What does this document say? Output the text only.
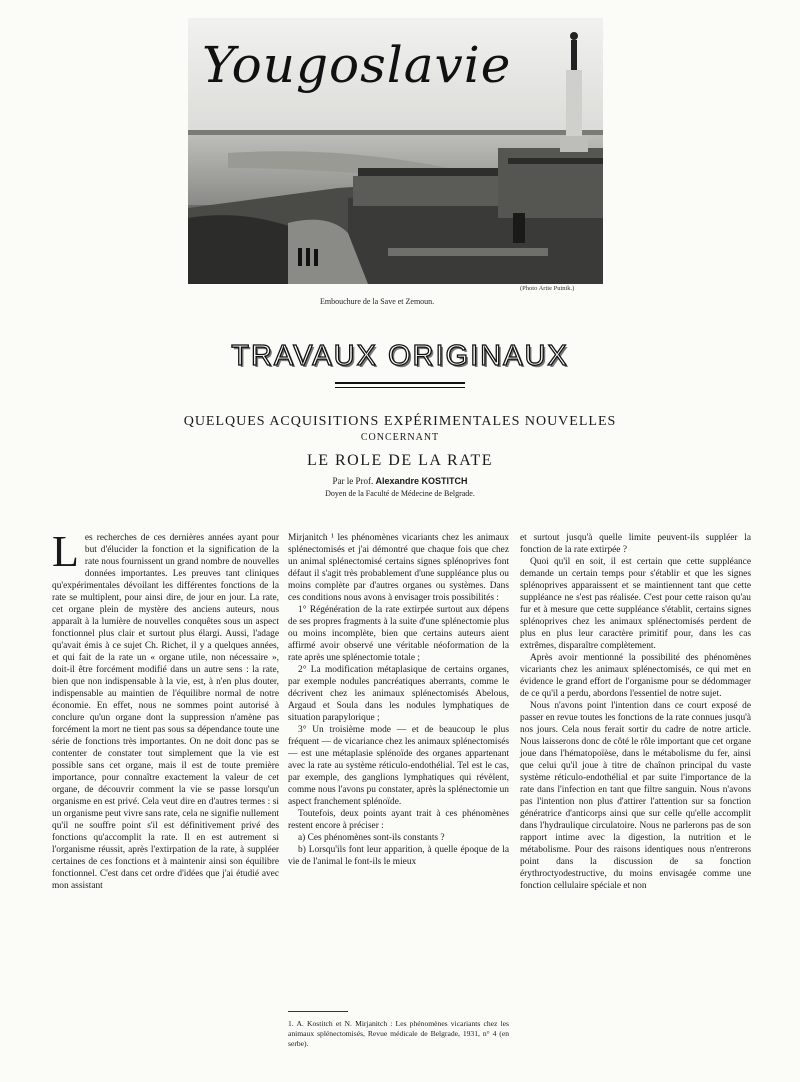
Yougoslavie
(Photo Artie Putnik.)
Embouchure de la Save et Zemoun.
TRAVAUX ORIGINAUX
QUELQUES ACQUISITIONS EXPÉRIMENTALES NOUVELLES
CONCERNANT
LE ROLE DE LA RATE
Par le Prof. Alexandre KOSTITCH
Doyen de la Faculté de Médecine de Belgrade.
L es recherches de ces dernières années ayant pour but d'élucider la fonction et la signification de la rate nous fournissent un grand nombre de nouvelles données importantes. Les preuves tant cliniques qu'expérimentales dévoilant les différentes fonctions de la rate se multiplent, pour ainsi dire, de jour en jour. La rate, cet organe plein de mystère des anciens auteurs, nous apparaît à la lumière de nouvelles conquêtes sous un aspect fonctionnel plus clair et surtout plus élargi. Aussi, l'adage qu'avait émis à ce sujet Ch. Richet, il y a quelques années, et qui fait de la rate un « organe utile, non nécessaire », doit-il être forcément modifié dans un autre sens : la rate, bien que non indispensable à la vie, est, à n'en plus douter, indispensable au maintien de l'équilibre normal de notre économie. En effet, nous ne sommes point autorisé à conclure qu'un organe dont la suppression n'amène pas forcément la mort ne tient pas sous sa dépendance toute une série de fonctions très importantes. On ne doit donc pas se contenter de constater tout simplement que la vie est possible sans cet organe, mais il est de toute première importance, pour connaître exactement la valeur de cet organe, de découvrir comment la vie se passe lorsqu'un organisme en est privé. Cela veut dire en d'autres termes : si un organisme peut vivre sans rate, cela ne signifie nullement qu'il ne souffre point s'il est définitivement privé des fonctions qu'accomplit la rate. Il en est autrement si l'organisme réussit, après l'extirpation de la rate, à suppléer certaines de ces fonctions et à maintenir ainsi son équilibre fonctionnel. C'est dans cet ordre d'idées que j'ai étudié avec mon assistant

Mirjanitch ¹ les phénomènes vicariants chez les animaux splénectomisés et j'ai démontré que chaque fois que chez un animal splénectomisé certains signes splénoprives font défaut il s'agit très probablement d'une suppléance plus ou moins complète par d'autres organes ou systèmes. Dans ces conditions nous avons à envisager trois possibilités :

1° Régénération de la rate extirpée surtout aux dépens de ses propres fragments à la suite d'une splénectomie plus ou moins incomplète, bien que certains auteurs aient affirmé avoir observé une véritable néoformation de la rate après une splénectomie totale ;

2° La modification métaplasique de certains organes, par exemple nodules pancréatiques aberrants, comme le décrivent chez les animaux splénectomisés Abelous, Argaud et Soula dans les nodules lymphatiques de situation parapylorique ;

3° Un troisième mode — et de beaucoup le plus fréquent — de vicariance chez les animaux splénectomisés — est une métaplasie splénoïde des organes appartenant avec la rate au système réticulo-endothélial. Tel est le cas, par exemple, des ganglions lymphatiques qui révèlent, comme nous l'avons pu constater, après la splénectomie un aspect franchement splénoïde.

Toutefois, deux points ayant trait à ces phénomènes restent encore à préciser :

a) Ces phénomènes sont-ils constants ?

b) Lorsqu'ils font leur apparition, à quelle époque de la vie de l'animal le font-ils le mieux

1. A. Kostitch et N. Mirjanitch : Les phénomènes vicariants chez les animaux splénectomisés, Revue médicale de Belgrade, 1931, n° 4 (en serbe).

et surtout jusqu'à quelle limite peuvent-ils suppléer la fonction de la rate extirpée ?

Quoi qu'il en soit, il est certain que cette suppléance demande un certain temps pour s'établir et que les signes splénoprives apparaissent et se maintiennent tant que cette suppléance ne s'est pas réalisée. C'est pour cette raison qu'au fur et à mesure que cette suppléance s'établit, certains signes splénoprives chez les animaux splénectomisés perdent de plus en plus leur caractère primitif pour, dans les cas extrêmes, disparaître complètement.

Après avoir mentionné la possibilité des phénomènes vicariants chez les animaux splénectomisés, ce qui met en évidence le grand effort de l'organisme pour se dédommager de ce qu'il a perdu, abordons l'essentiel de notre sujet.

Nous n'avons point l'intention dans ce court exposé de passer en revue toutes les fonctions de la rate connues jusqu'à nos jours. Cela nous ferait sortir du cadre de notre article. Nous laisserons donc de côté le rôle important que cet organe joue dans l'hématopoïèse, dans le métabolisme du fer, ainsi que celui qu'il joue à titre de chaînon principal du vaste système réticulo-endothélial et par suite l'importance de la rate dans l'infection en tant que filtre sanguin. Nous n'avons pas l'intention non plus d'attirer l'attention sur sa fonction génératrice d'anticorps ainsi que sur celle qu'elle accomplit dans l'hydraulique circulatoire. Nous ne parlerons pas de son rapport intime avec la digestion, la nutrition et le métabolisme. Pour des raisons identiques nous n'entrerons point dans la discussion de sa fonction érythroctyodestructive, du moins envisagée comme une fonction cellulaire spéciale et non
